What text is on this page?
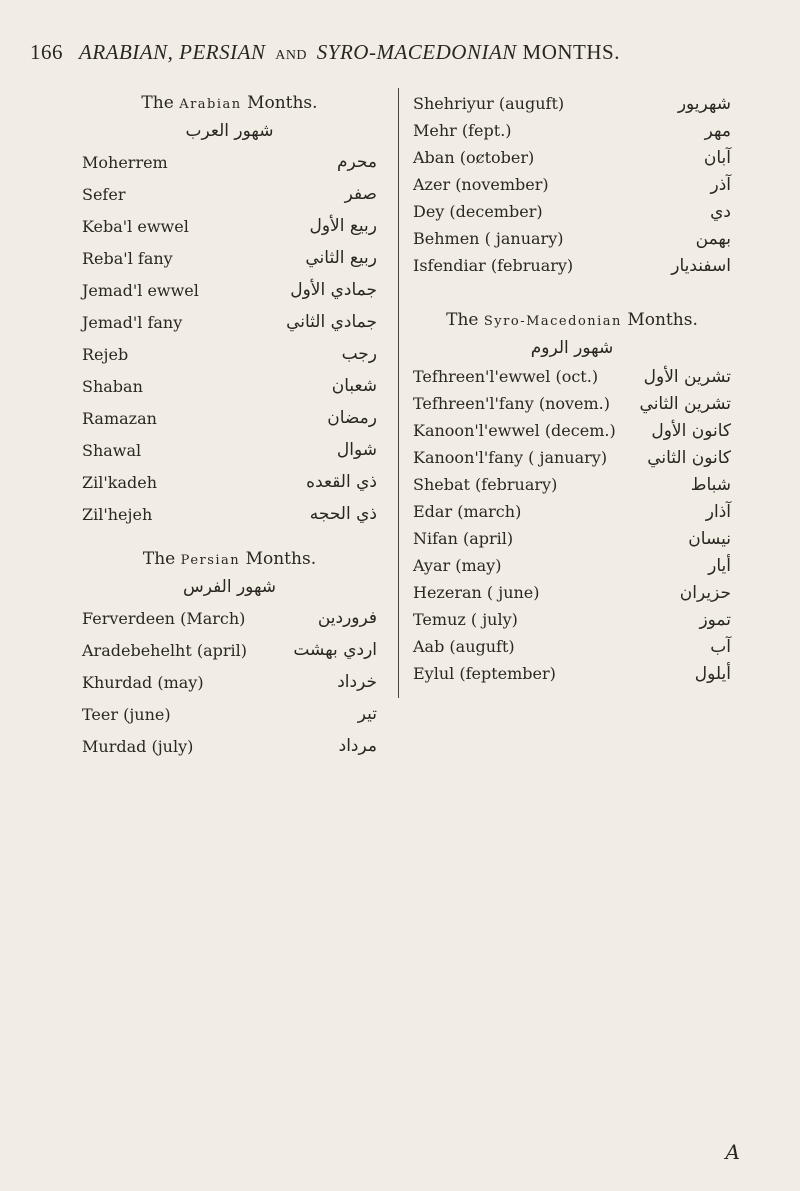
166 ARABIAN, PERSIAN AND SYRO-MACEDONIAN MONTHS.
The Arabian Months.
شهور العرب
Moherrem	محرم
Sefer	صفر
Keba'l ewwel	ربيع الأول
Reba'l fany	ربيع الثاني
Jemad'l ewwel	جمادي الأول
Jemad'l fany	جمادي الثاني
Rejeb	رجب
Shaban	شعبان
Ramazan	رمضان
Shawal	شوال
Zil'kadeh	ذي القعده
Zil'hejeh	ذي الحجه
The Persian Months.
شهور الفرس
Ferverdeen (March)	فروردين
Aradebehelht (april)	اردي بهشت
Khurdad (may)	خرداد
Teer (june)	تير
Murdad (july)	مرداد
Shehriyur (auguft)	شهريور
Mehr (fept.)	مهر
Aban (oȼtober)	آبان
Azer (november)	آذر
Dey (december)	دي
Behmen ( january)	بهمن
Isfendiar (february)	اسفنديار
The Syro-Macedonian Months.
شهور الروم
Tefhreen'l'ewwel (oct.)	تشرين الأول
Tefhreen'l'fany (novem.) تشرين الثاني
Kanoon'l'ewwel (decem.) كانون الأول
Kanoon'l'fany ( january) كانون الثاني
Shebat (february)	شباط
Edar (march)	آذار
Nifan (april)	نيسان
Ayar (may)	أيار
Hezeran ( june)	حزيران
Temuz ( july)	تموز
Aab (auguft)	آب
Eylul (feptember)	أيلول
A
